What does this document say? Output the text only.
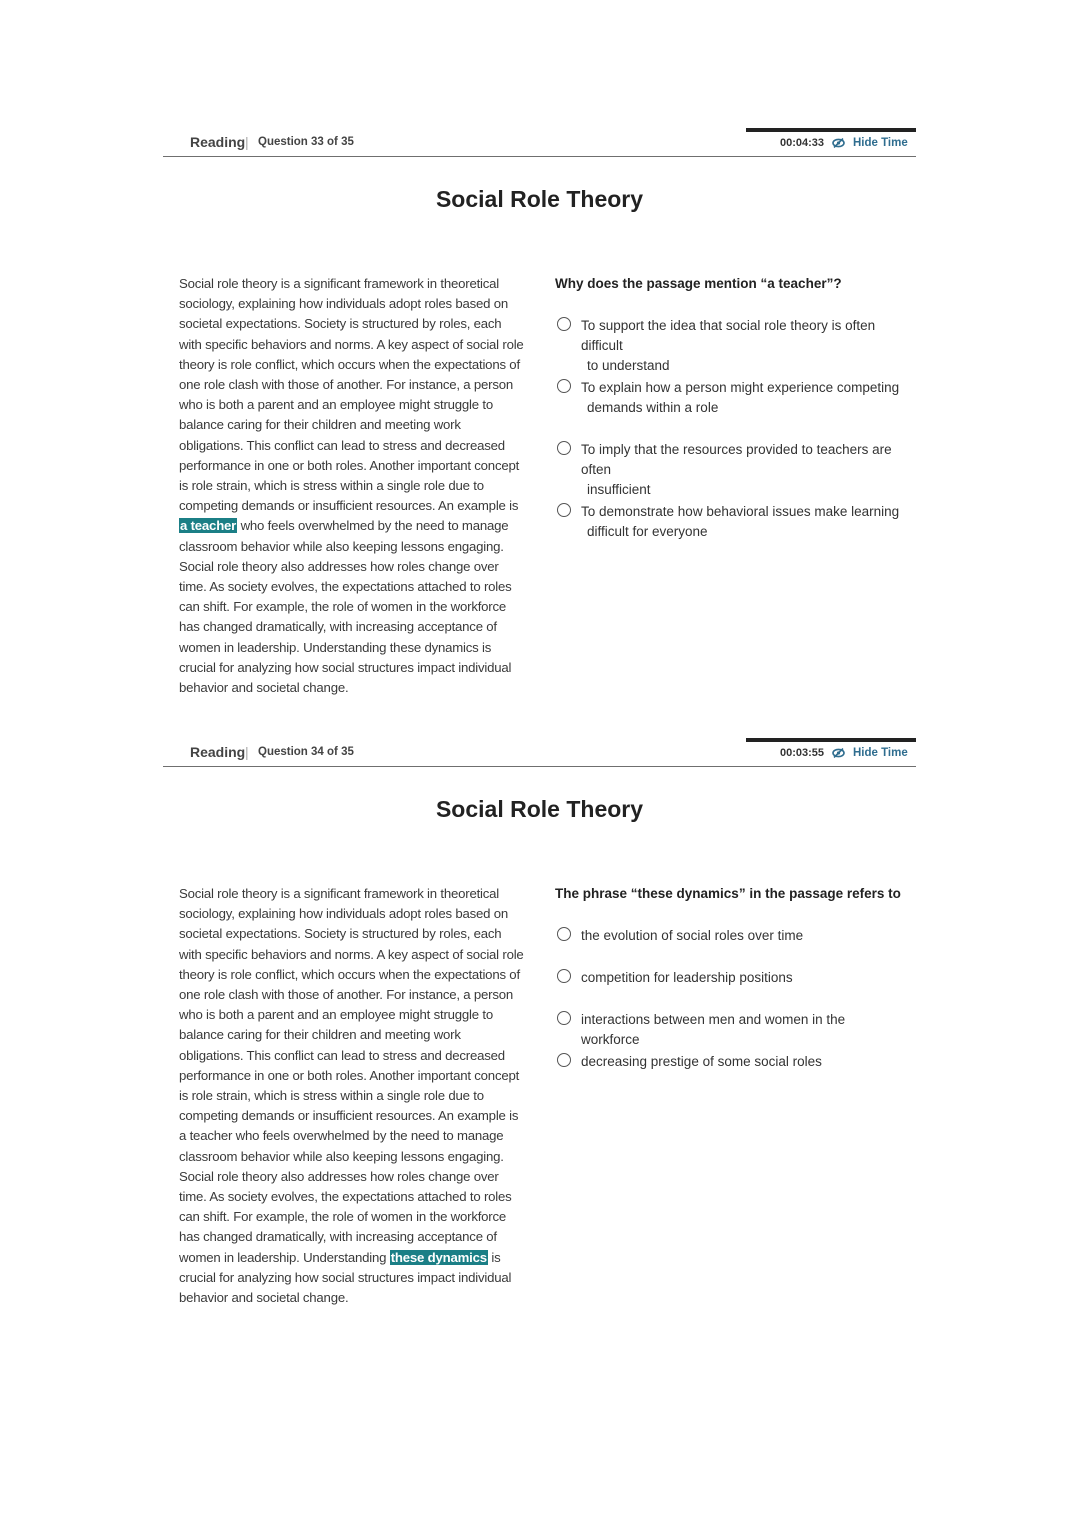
Reading | Question 33 of 35	00:04:33	Hide Time
Social Role Theory
Social role theory is a significant framework in theoretical sociology, explaining how individuals adopt roles based on societal expectations. Society is structured by roles, each with specific behaviors and norms. A key aspect of social role theory is role conflict, which occurs when the expectations of one role clash with those of another. For instance, a person who is both a parent and an employee might struggle to balance caring for their children and meeting work obligations. This conflict can lead to stress and decreased performance in one or both roles. Another important concept is role strain, which is stress within a single role due to competing demands or insufficient resources. An example is a teacher who feels overwhelmed by the need to manage classroom behavior while also keeping lessons engaging. Social role theory also addresses how roles change over time. As society evolves, the expectations attached to roles can shift. For example, the role of women in the workforce has changed dramatically, with increasing acceptance of women in leadership. Understanding these dynamics is crucial for analyzing how social structures impact individual behavior and societal change.
Why does the passage mention “a teacher”?
To support the idea that social role theory is often difficult
to understand
To explain how a person might experience competing
demands within a role
To imply that the resources provided to teachers are often
insufficient
To demonstrate how behavioral issues make learning
difficult for everyone
Reading | Question 34 of 35	00:03:55	Hide Time
Social Role Theory
Social role theory is a significant framework in theoretical sociology, explaining how individuals adopt roles based on societal expectations. Society is structured by roles, each with specific behaviors and norms. A key aspect of social role theory is role conflict, which occurs when the expectations of one role clash with those of another. For instance, a person who is both a parent and an employee might struggle to balance caring for their children and meeting work obligations. This conflict can lead to stress and decreased performance in one or both roles. Another important concept is role strain, which is stress within a single role due to competing demands or insufficient resources. An example is a teacher who feels overwhelmed by the need to manage classroom behavior while also keeping lessons engaging. Social role theory also addresses how roles change over time. As society evolves, the expectations attached to roles can shift. For example, the role of women in the workforce has changed dramatically, with increasing acceptance of women in leadership. Understanding these dynamics is crucial for analyzing how social structures impact individual behavior and societal change.
The phrase “these dynamics” in the passage refers to
the evolution of social roles over time
competition for leadership positions
interactions between men and women in the workforce
decreasing prestige of some social roles
